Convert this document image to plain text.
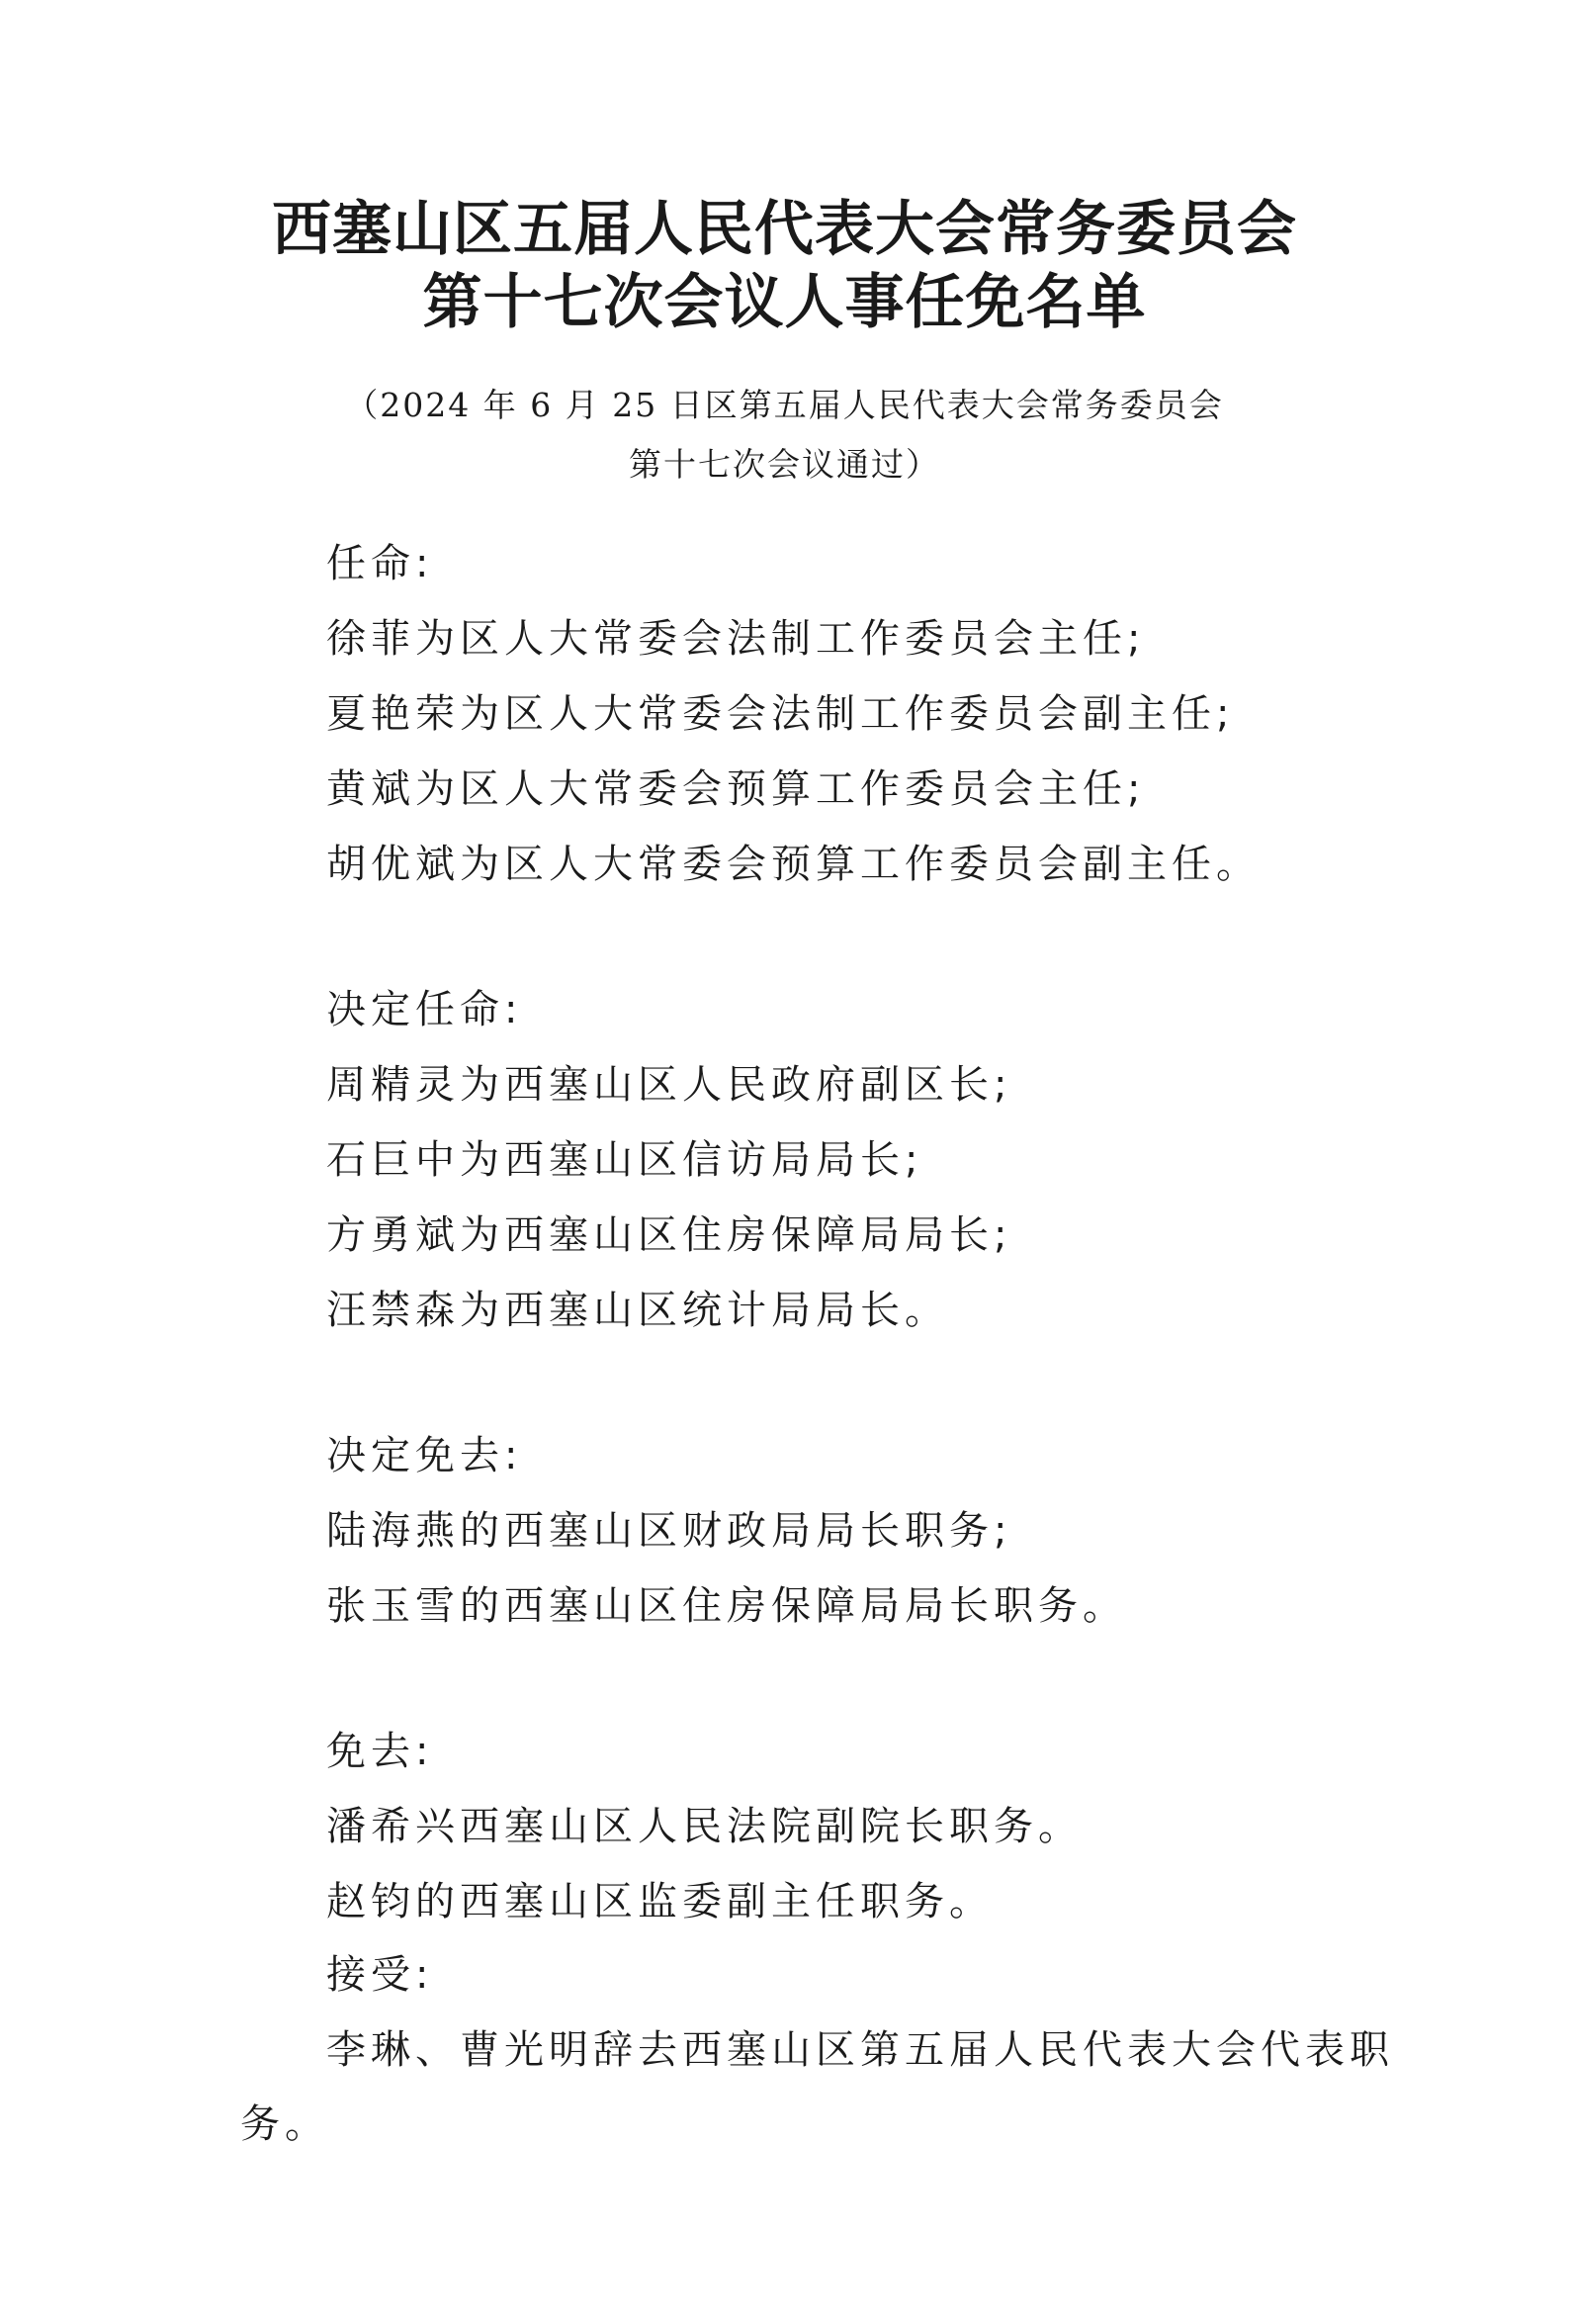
西塞山区五届人民代表大会常务委员会
第十七次会议人事任免名单
（2024 年 6 月 25 日区第五届人民代表大会常务委员会
第十七次会议通过）
任命:
徐菲为区人大常委会法制工作委员会主任;
夏艳荣为区人大常委会法制工作委员会副主任;
黄斌为区人大常委会预算工作委员会主任;
胡优斌为区人大常委会预算工作委员会副主任。
决定任命:
周精灵为西塞山区人民政府副区长;
石巨中为西塞山区信访局局长;
方勇斌为西塞山区住房保障局局长;
汪禁森为西塞山区统计局局长。
决定免去:
陆海燕的西塞山区财政局局长职务;
张玉雪的西塞山区住房保障局局长职务。
免去:
潘希兴西塞山区人民法院副院长职务。
赵钧的西塞山区监委副主任职务。
接受:
李琳、曹光明辞去西塞山区第五届人民代表大会代表职
务。
